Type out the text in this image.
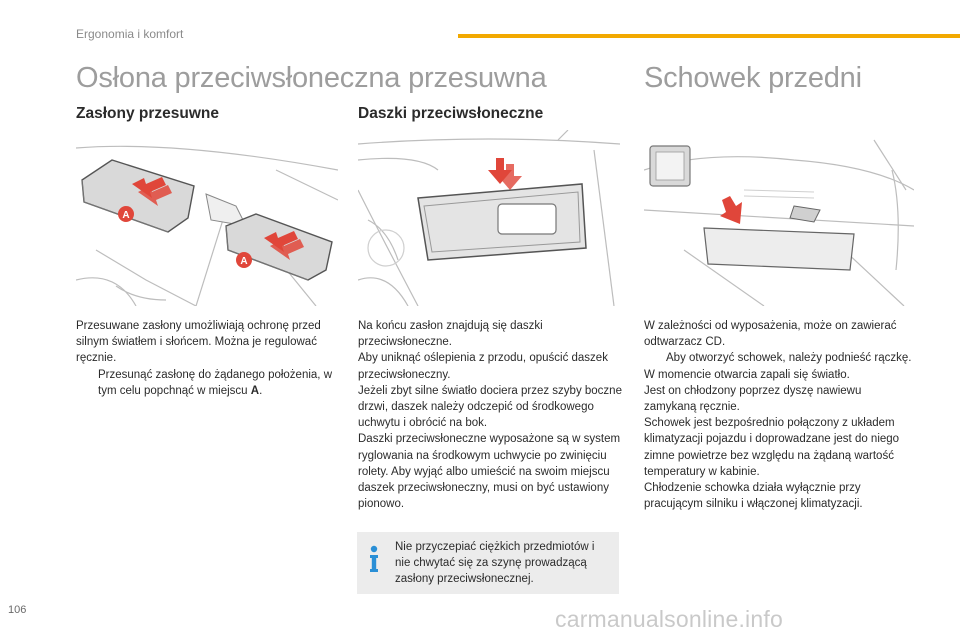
Ergonomia i komfort
Osłona przeciwsłoneczna przesuwna	Schowek przedni
Zasłony przesuwne	Daszki przeciwsłoneczne
A
A

Przesuwane zasłony umożliwiają ochronę przed silnym światłem i słońcem. Można je regulować ręcznie.

Przesunąć zasłonę do żądanego położenia, w tym celu popchnąć w miejscu A.

Na końcu zasłon znajdują się daszki przeciwsłoneczne.
Aby uniknąć oślepienia z przodu, opuścić daszek przeciwsłoneczny.
Jeżeli zbyt silne światło dociera przez szyby boczne drzwi, daszek należy odczepić od środkowego uchwytu i obrócić na bok.
Daszki przeciwsłoneczne wyposażone są w system ryglowania na środkowym uchwycie po zwinięciu rolety. Aby wyjąć albo umieścić na swoim miejscu daszek przeciwsłoneczny, musi on być ustawiony pionowo.

Nie przyczepiać ciężkich przedmiotów i nie chwytać się za szynę prowadzącą zasłony przeciwsłonecznej.

W zależności od wyposażenia, może on zawierać odtwarzacz CD.

Aby otworzyć schowek, należy podnieść rączkę.

W momencie otwarcia zapali się światło.
Jest on chłodzony poprzez dyszę nawiewu zamykaną ręcznie.
Schowek jest bezpośrednio połączony z układem klimatyzacji pojazdu i doprowadzane jest do niego zimne powietrze bez względu na żądaną wartość temperatury w kabinie.
Chłodzenie schowka działa wyłącznie przy pracującym silniku i włączonej klimatyzacji.

106	carmanualsonline.info
